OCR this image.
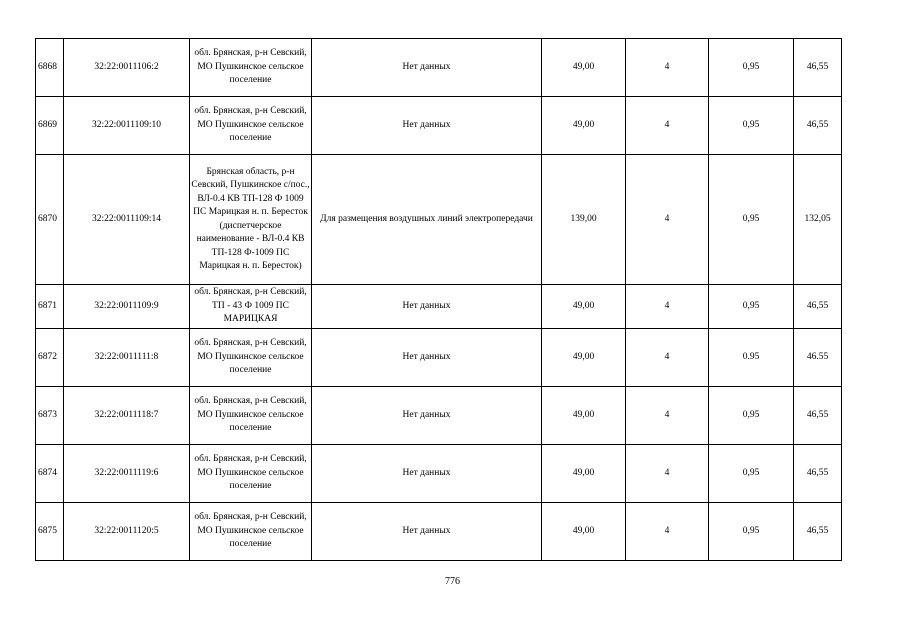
6868	32:22:0011106:2	обл. Брянская, р-н Севский, МО Пушкинское сельское поселение	Нет данных	49,00	4	0,95	46,55
6869	32:22:0011109:10	обл. Брянская, р-н Севский, МО Пушкинское сельское поселение	Нет данных	49,00	4	0,95	46,55
6870	32:22:0011109:14	Брянская область, р-н Севский, Пушкинское с/пос., ВЛ-0.4 КВ ТП-128 Ф 1009 ПС Марицкая н. п. Бересток (диспетчерское наименование - ВЛ-0.4 КВ ТП-128 Ф-1009 ПС Марицкая н. п. Бересток)	Для размещения воздушных линий электропередачи	139,00	4	0,95	132,05
6871	32:22:0011109:9	обл. Брянская, р-н Севский, ТП - 43 Ф 1009 ПС МАРИЦКАЯ	Нет данных	49,00	4	0,95	46,55
6872	32:22:0011111:8	обл. Брянская, р-н Севский, МО Пушкинское сельское поселение	Нет данных	49,00	4	0.95	46.55
6873	32:22:0011118:7	обл. Брянская, р-н Севский, МО Пушкинское сельское поселение	Нет данных	49,00	4	0,95	46,55
6874	32:22:0011119:6	обл. Брянская, р-н Севский, МО Пушкинское сельское поселение	Нет данных	49,00	4	0,95	46,55
6875	32:22:0011120:5	обл. Брянская, р-н Севский, МО Пушкинское сельское поселение	Нет данных	49,00	4	0,95	46,55
776
